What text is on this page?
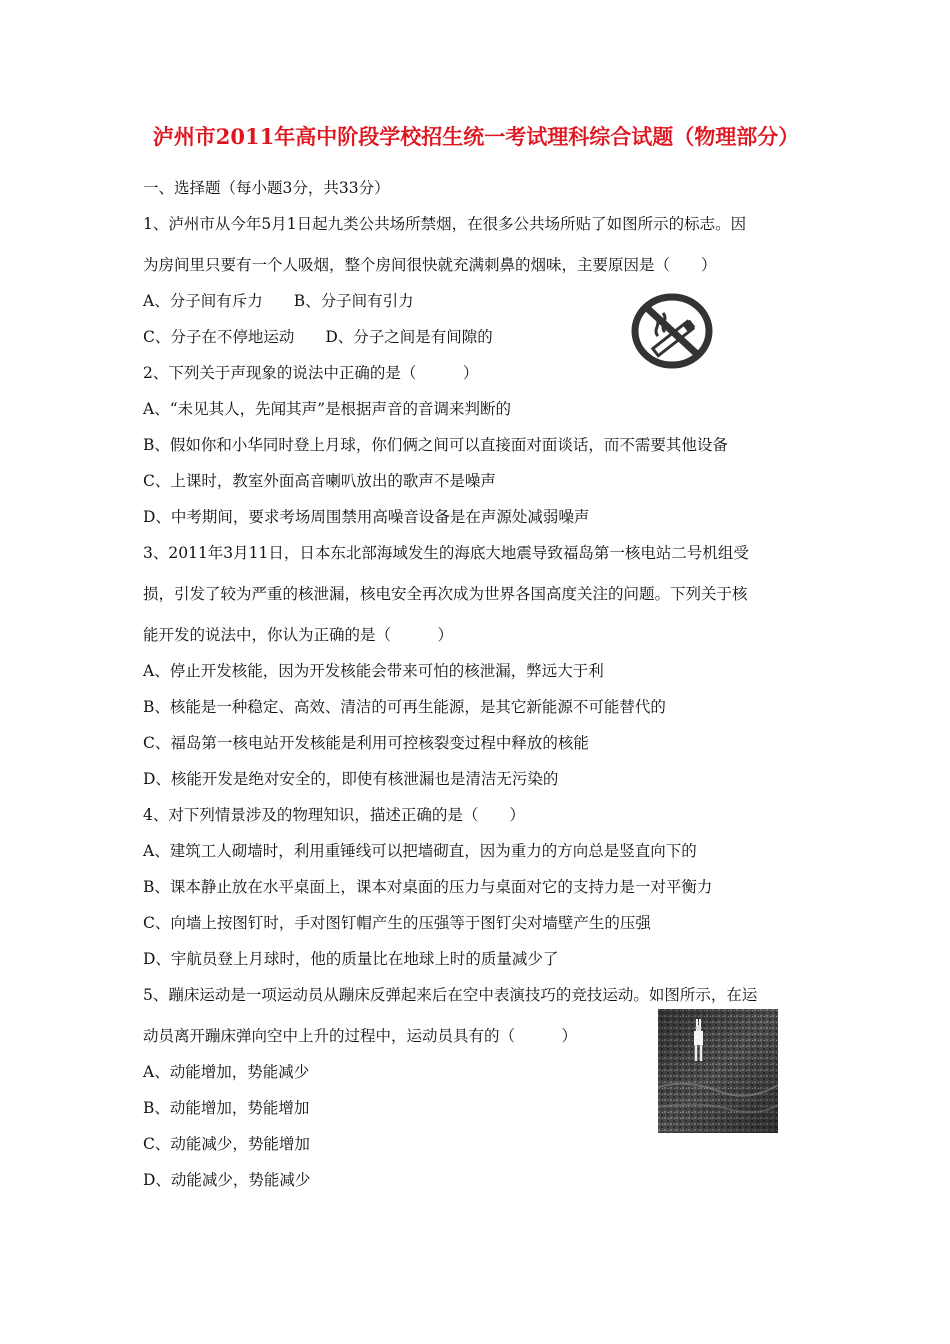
泸州市2011年高中阶段学校招生统一考试理科综合试题（物理部分）
一、选择题（每小题3分，共33分）
1、泸州市从今年5月1日起九类公共场所禁烟，在很多公共场所贴了如图所示的标志。因
为房间里只要有一个人吸烟，整个房间很快就充满刺鼻的烟味，主要原因是（　　）
A、分子间有斥力　　B、分子间有引力
C、分子在不停地运动　　D、分子之间是有间隙的
2、下列关于声现象的说法中正确的是（　　　）
A、“未见其人，先闻其声”是根据声音的音调来判断的
B、假如你和小华同时登上月球，你们俩之间可以直接面对面谈话，而不需要其他设备
C、上课时，教室外面高音喇叭放出的歌声不是噪声
D、中考期间，要求考场周围禁用高噪音设备是在声源处减弱噪声
3、2011年3月11日，日本东北部海域发生的海底大地震导致福岛第一核电站二号机组受
损，引发了较为严重的核泄漏，核电安全再次成为世界各国高度关注的问题。下列关于核
能开发的说法中，你认为正确的是（　　　）
A、停止开发核能，因为开发核能会带来可怕的核泄漏，弊远大于利
B、核能是一种稳定、高效、清洁的可再生能源，是其它新能源不可能替代的
C、福岛第一核电站开发核能是利用可控核裂变过程中释放的核能
D、核能开发是绝对安全的，即使有核泄漏也是清洁无污染的
4、对下列情景涉及的物理知识，描述正确的是（　　）
A、建筑工人砌墙时，利用重锤线可以把墙砌直，因为重力的方向总是竖直向下的
B、课本静止放在水平桌面上，课本对桌面的压力与桌面对它的支持力是一对平衡力
C、向墙上按图钉时，手对图钉帽产生的压强等于图钉尖对墙壁产生的压强
D、宇航员登上月球时，他的质量比在地球上时的质量减少了
5、蹦床运动是一项运动员从蹦床反弹起来后在空中表演技巧的竞技运动。如图所示，在运
动员离开蹦床弹向空中上升的过程中，运动员具有的（　　　）
A、动能增加，势能减少
B、动能增加，势能增加
C、动能减少，势能增加
D、动能减少，势能减少
